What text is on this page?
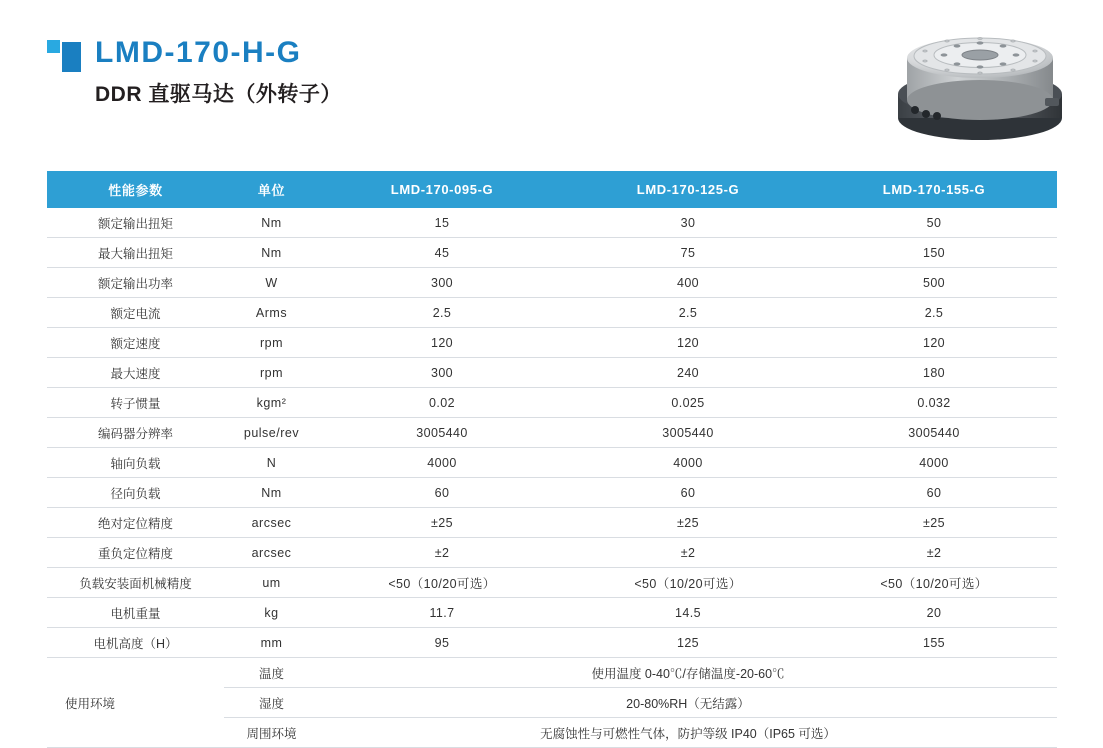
LMD-170-H-G
DDR 直驱马达（外转子）
性能参数	单位	LMD-170-095-G	LMD-170-125-G	LMD-170-155-G
额定输出扭矩	Nm	15	30	50
最大输出扭矩	Nm	45	75	150
额定输出功率	W	300	400	500
额定电流	Arms	2.5	2.5	2.5
额定速度	rpm	120	120	120
最大速度	rpm	300	240	180
转子惯量	kgm²	0.02	0.025	0.032
编码器分辨率	pulse/rev	3005440	3005440	3005440
轴向负载	N	4000	4000	4000
径向负载	Nm	60	60	60
绝对定位精度	arcsec	±25	±25	±25
重负定位精度	arcsec	±2	±2	±2
负载安装面机械精度	um	<50（10/20可选）	<50（10/20可选）	<50（10/20可选）
电机重量	kg	11.7	14.5	20
电机高度（H）	mm	95	125	155
使用环境	温度	使用温度 0-40℃/存储温度-20-60℃		
	湿度	20-80%RH（无结露）		
	周围环境	无腐蚀性与可燃性气体，防护等级 IP40（IP65 可选）		
